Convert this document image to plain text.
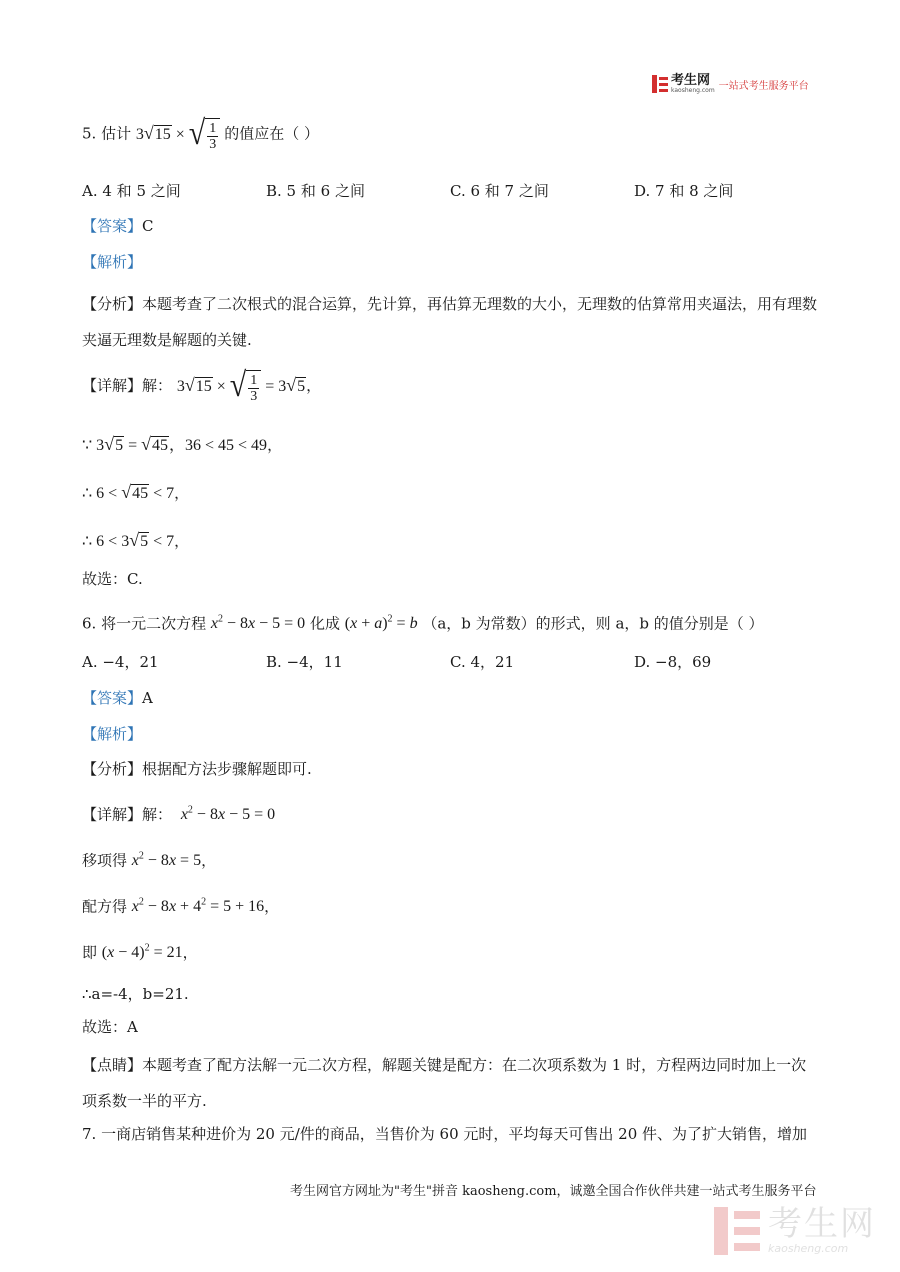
考生网
kaosheng.com 一站式考生服务平台
5. 估计 3√15 × √ $\frac{1}{3}$ 的值应在（ ）
A. 4 和 5 之间	B. 5 和 6 之间	C. 6 和 7 之间	D. 7 和 8 之间
【答案】C
【解析】
【分析】本题考查了二次根式的混合运算，先计算，再估算无理数的大小，无理数的估算常用夹逼法，用有理数夹逼无理数是解题的关键.
【详解】解： 3√15 × √ $\frac{1}{3} = 3√5$，
∵ 3√5 = √45，36 < 45 < 49，
∴ 6 < √45 < 7，
∴ 6 < 3√5 < 7，
故选：C.
6. 将一元二次方程 $x^2 - 8x - 5 = 0$ 化成 $(x + a)^2 = b$ （a，b 为常数）的形式，则 a，b 的值分别是（ ）
A. −4，21	B. −4，11	C. 4，21	D. −8，69
【答案】A
【解析】
【分析】根据配方法步骤解题即可.
【详解】解： $x^2 - 8x - 5 = 0$
移项得 $x^2 - 8x = 5$，
配方得 $x^2 - 8x + 4^2 = 5 + 16$，
即 $(x - 4)^2 = 21$，
∴a=-4，b=21.
故选：A
【点睛】本题考查了配方法解一元二次方程，解题关键是配方：在二次项系数为 1 时，方程两边同时加上一次项系数一半的平方.
7. 一商店销售某种进价为 20 元/件的商品，当售价为 60 元时，平均每天可售出 20 件、为了扩大销售，增加
考生网官方网址为"考生"拼音 kaosheng.com，诚邀全国合作伙伴共建一站式考生服务平台
考生网
kaosheng.com
